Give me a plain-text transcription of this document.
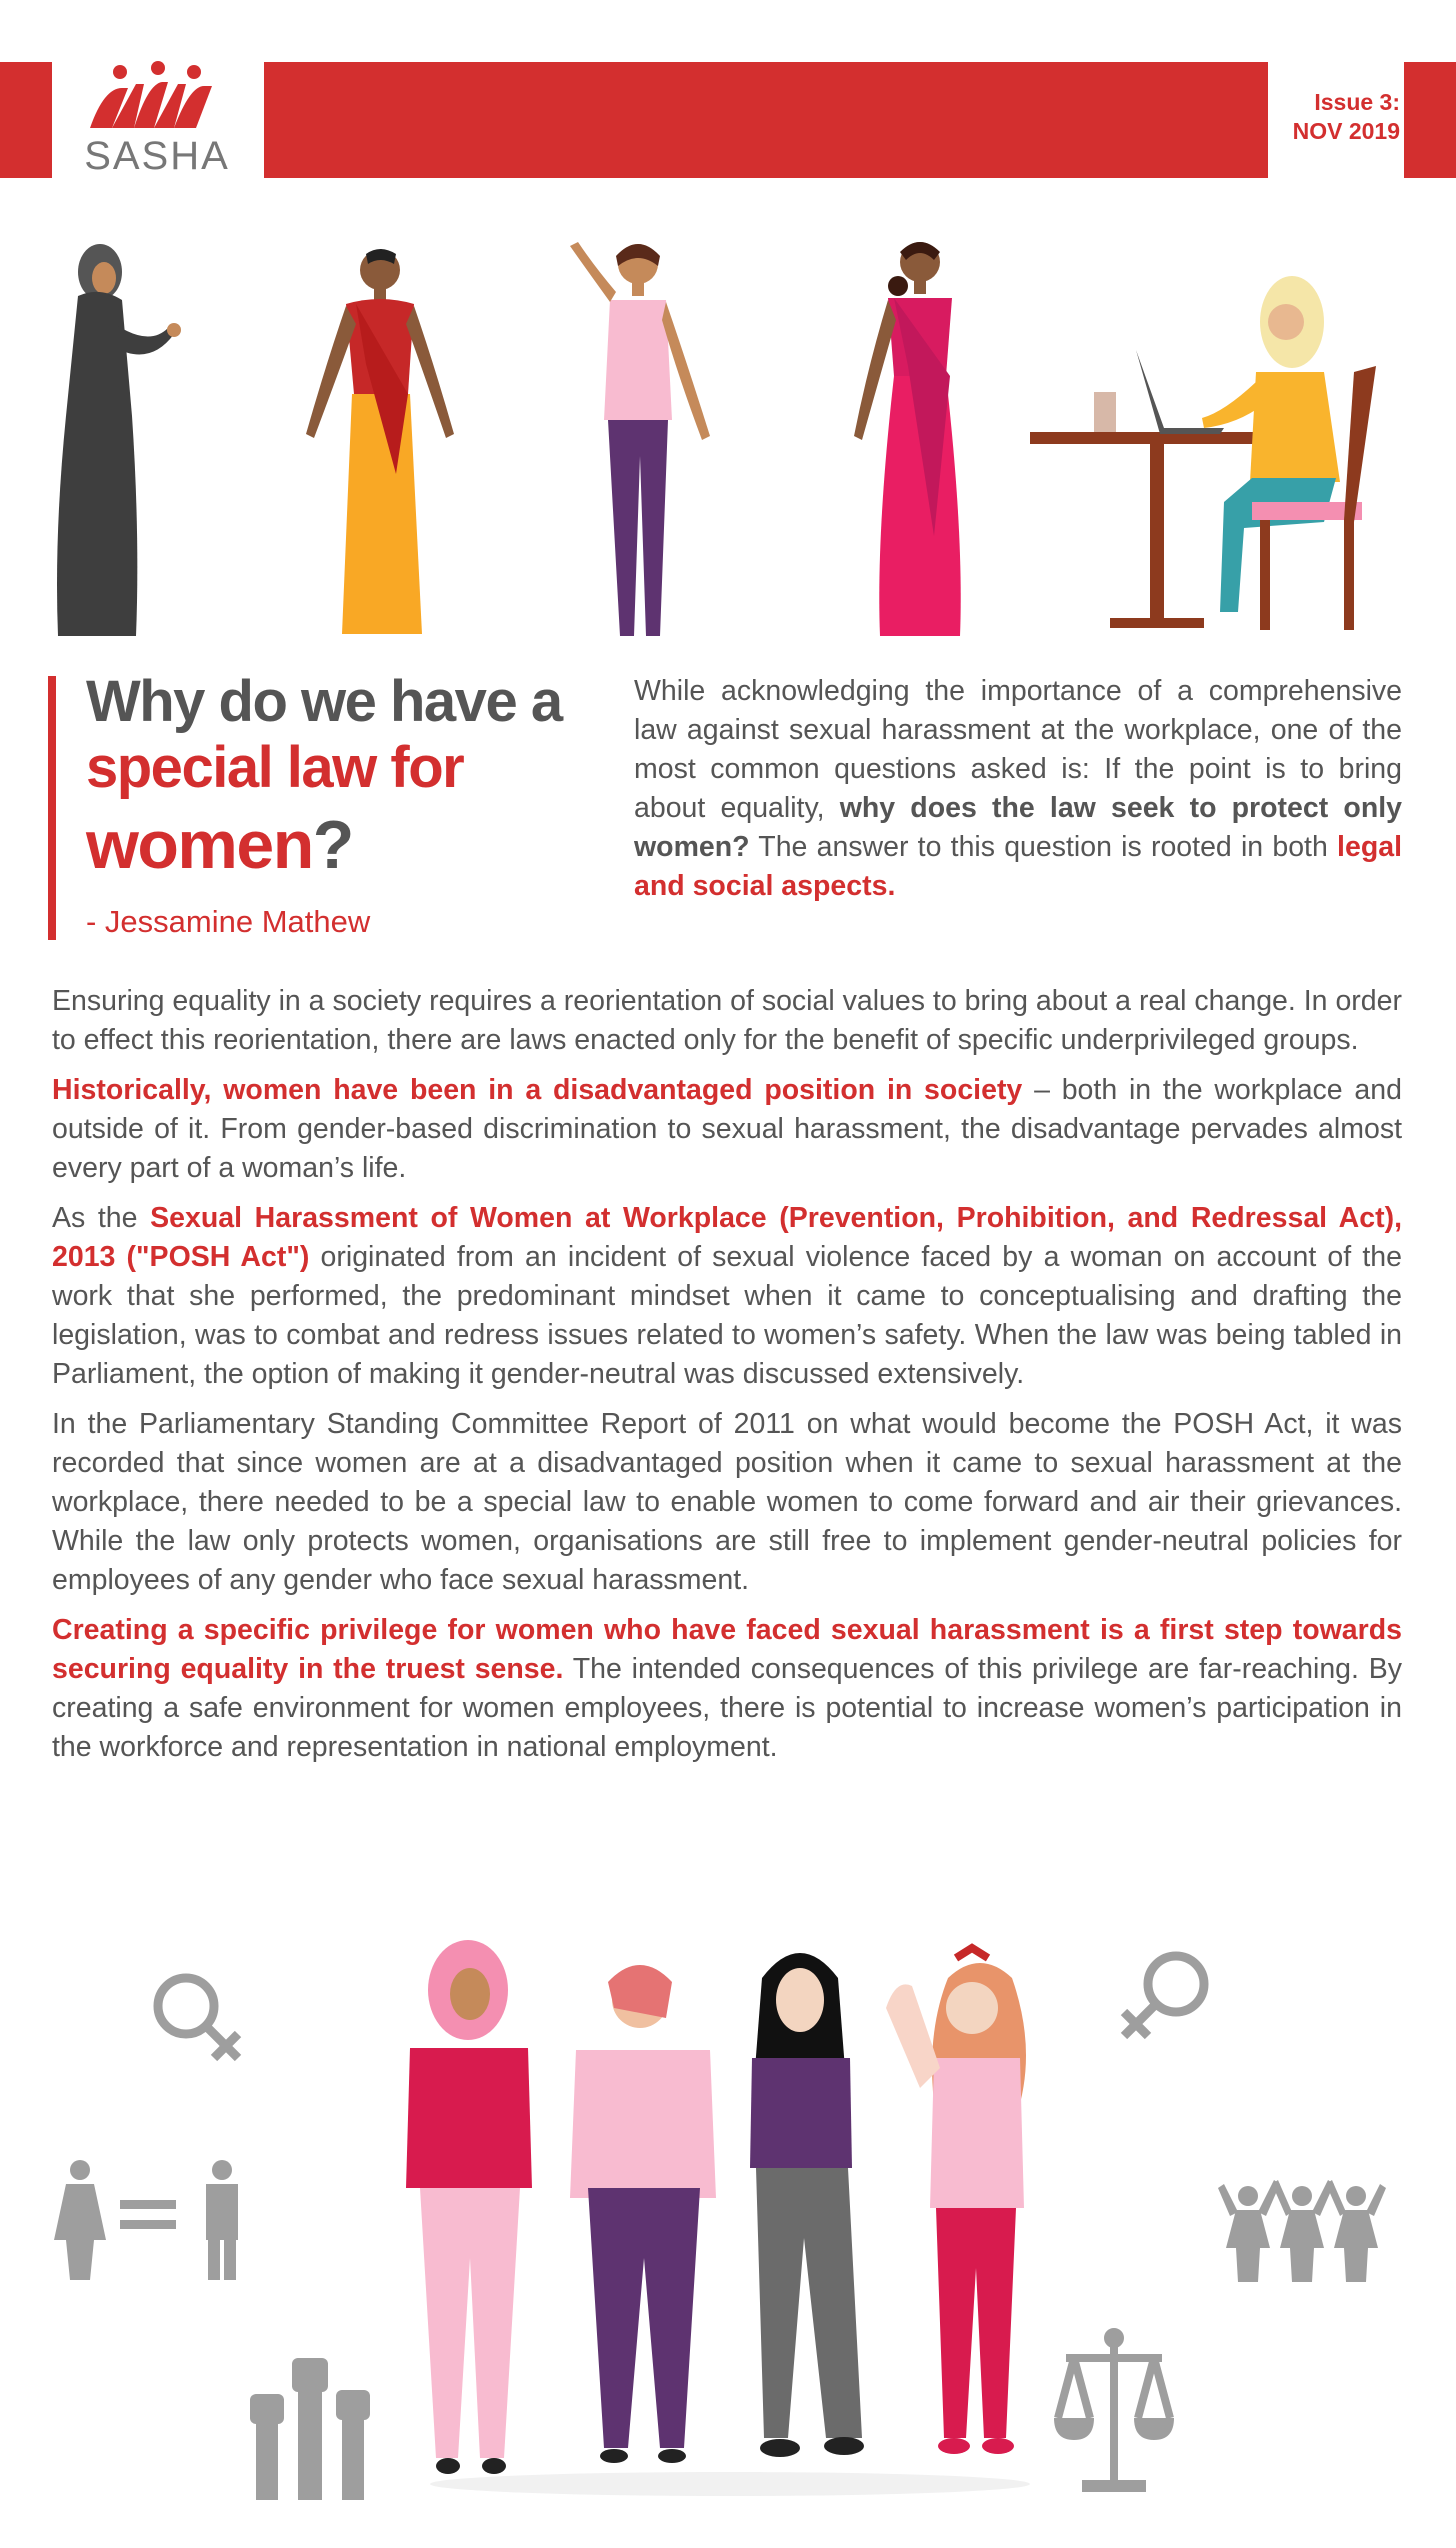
SASHA
Issue 3:
NOV 2019
Why do we have a
special law for
women?
- Jessamine Mathew
While acknowledging the importance of a comprehensive law against sexual harassment at the workplace, one of the most common questions asked is: If the point is to bring about equality, why does the law seek to protect only women? The answer to this question is rooted in both legal and social aspects.

Ensuring equality in a society requires a reorientation of social values to bring about a real change. In order to effect this reorientation, there are laws enacted only for the benefit of specific underprivileged groups.

Historically, women have been in a disadvantaged position in society – both in the workplace and outside of it. From gender-based discrimination to sexual harassment, the disadvantage pervades almost every part of a woman’s life.

As the Sexual Harassment of Women at Workplace (Prevention, Prohibition, and Redressal Act), 2013 ("POSH Act") originated from an incident of sexual violence faced by a woman on account of the work that she performed, the predominant mindset when it came to conceptualising and drafting the legislation, was to combat and redress issues related to women’s safety. When the law was being tabled in Parliament, the option of making it gender-neutral was discussed extensively.

In the Parliamentary Standing Committee Report of 2011 on what would become the POSH Act, it was recorded that since women are at a disadvantaged position when it came to sexual harassment at the workplace, there needed to be a special law to enable women to come forward and air their grievances. While the law only protects women, organisations are still free to implement gender-neutral policies for employees of any gender who face sexual harassment.

Creating a specific privilege for women who have faced sexual harassment is a first step towards securing equality in the truest sense. The intended consequences of this privilege are far-reaching. By creating a safe environment for women employees, there is potential to increase women’s participation in the workforce and representation in national employment.
